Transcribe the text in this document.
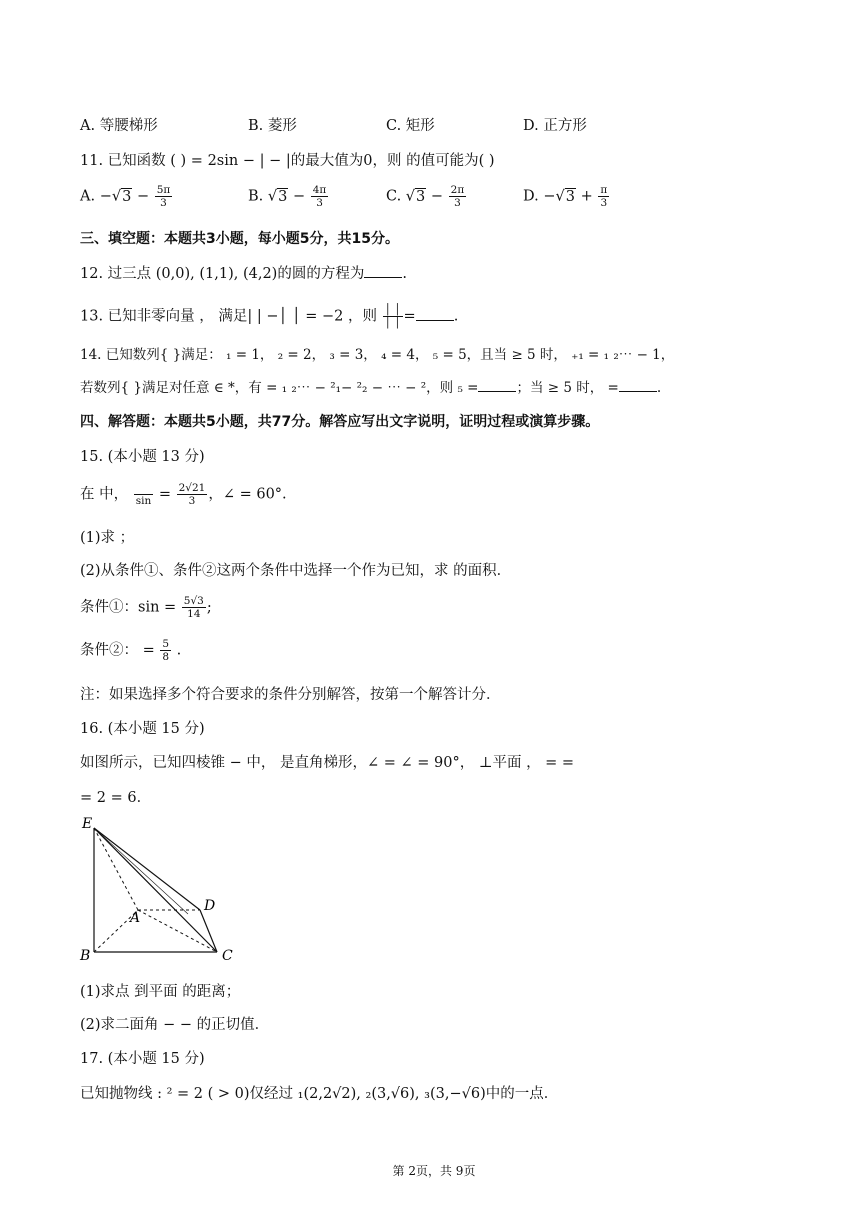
A. 等腰梯形	B. 菱形	C. 矩形	D. 正方形
11. 已知函数 ( ) = 2sin − | − |的最大值为0，则 的值可能为( )
A. $-√3 - \frac{5\pi}{3}$	B. $√3 - \frac{4\pi}{3}$	C. $√3 - \frac{2\pi}{3}$	D. $-√3 + \frac{\pi}{3}$
三、填空题：本题共3小题，每小题5分，共15分。
12. 过三点 (0,0), (1,1), (4,2)的圆的方程为	.
13. 已知非零向量 ， 满足| | −│ │ = −2 ，则 $\frac{│ │}{│ │}$ =	.
14. 已知数列{ }满足： ₁ = 1， ₂ = 2， ₃ = 3， ₄ = 4， ₅ = 5，且当 ≥ 5 时， ₊₁ = ₁ ₂⋯ − 1，
若数列{ }满足对任意 ∈ *，有 = ₁ ₂⋯ − ²₁− ²₂ − ⋯ − ²，则 ₅ =	；当 ≥ 5 时， =	.
四、解答题：本题共5小题，共77分。解答应写出文字说明，证明过程或演算步骤。
15. (本小题 13 分)
在 中，
$\sin = \frac{2√21}{3}$ ，∠ = 60°.
(1)求 ；
(2)从条件①、条件②这两个条件中选择一个作为已知，求 的面积．
条件①：$\sin = \frac{5√3}{14}$ ;
条件②： = $\frac{5}{8}$ .
注：如果选择多个符合要求的条件分别解答，按第一个解答计分．
16. (本小题 15 分)
如图所示，已知四棱锥 − 中， 是直角梯形，∠ = ∠ = 90°， ⊥平面 ， = =
= 2 = 6．
E
A
D
B	C
(1)求点 到平面 的距离；
(2)求二面角 − − 的正切值．
17. (本小题 15 分)
已知抛物线 : ² = 2 ( > 0)仅经过 ₁(2,2√2), ₂(3,√6), ₃(3,−√6)中的一点．
第 2页，共 9页
